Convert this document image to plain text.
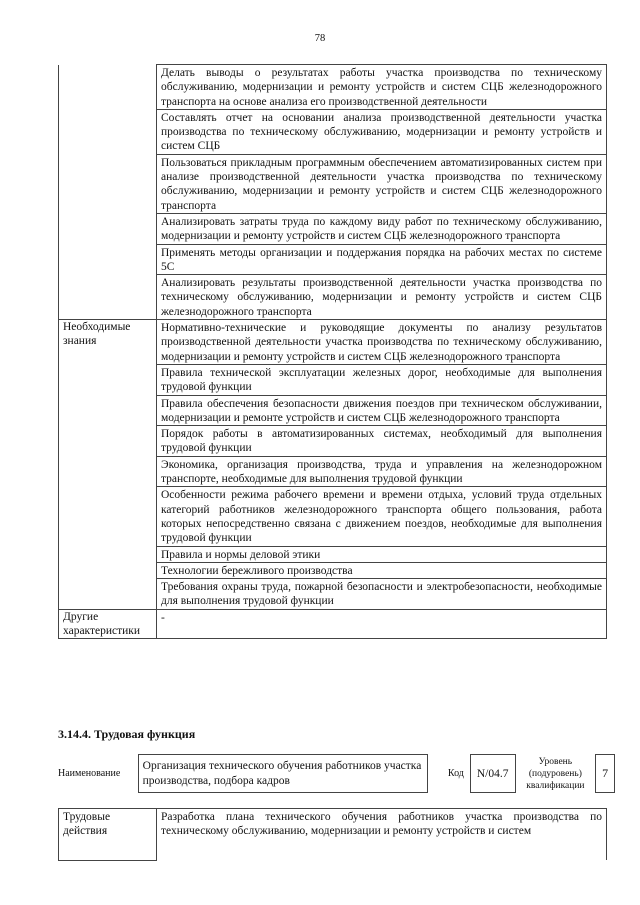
78
	Делать выводы о результатах работы участка производства по техническому обслуживанию, модернизации и ремонту устройств и систем СЦБ железнодорожного транспорта на основе анализа его производственной деятельности
	Составлять отчет на основании анализа производственной деятельности участка производства по техническому обслуживанию, модернизации и ремонту устройств и систем СЦБ
	Пользоваться прикладным программным обеспечением автоматизированных систем при анализе производственной деятельности участка производства по техническому обслуживанию, модернизации и ремонту устройств и систем СЦБ железнодорожного транспорта
	Анализировать затраты труда по каждому виду работ по техническому обслуживанию, модернизации и ремонту устройств и систем СЦБ железнодорожного транспорта
	Применять методы организации и поддержания порядка на рабочих местах по системе 5С
	Анализировать результаты производственной деятельности участка производства по техническому обслуживанию, модернизации и ремонту устройств и систем СЦБ железнодорожного транспорта
Необходимые знания	Нормативно-технические и руководящие документы по анализу результатов производственной деятельности участка производства по техническому обслуживанию, модернизации и ремонту устройств и систем СЦБ железнодорожного транспорта
	Правила технической эксплуатации железных дорог, необходимые для выполнения трудовой функции
	Правила обеспечения безопасности движения поездов при техническом обслуживании, модернизации и ремонте устройств и систем СЦБ железнодорожного транспорта
	Порядок работы в автоматизированных системах, необходимый для выполнения трудовой функции
	Экономика, организация производства, труда и управления на железнодорожном транспорте, необходимые для выполнения трудовой функции
	Особенности режима рабочего времени и времени отдыха, условий труда отдельных категорий работников железнодорожного транспорта общего пользования, работа которых непосредственно связана с движением поездов, необходимые для выполнения трудовой функции
	Правила и нормы деловой этики
	Технологии бережливого производства
	Требования охраны труда, пожарной безопасности и электробезопасности, необходимые для выполнения трудовой функции
Другие характеристики	-
3.14.4. Трудовая функция
Наименование	Организация технического обучения работников участка производства, подбора кадров		Код	N/04.7	Уровень (подуровень) квалификации	7
Трудовые действия	Разработка плана технического обучения работников участка производства по техническому обслуживанию, модернизации и ремонту устройств и систем
